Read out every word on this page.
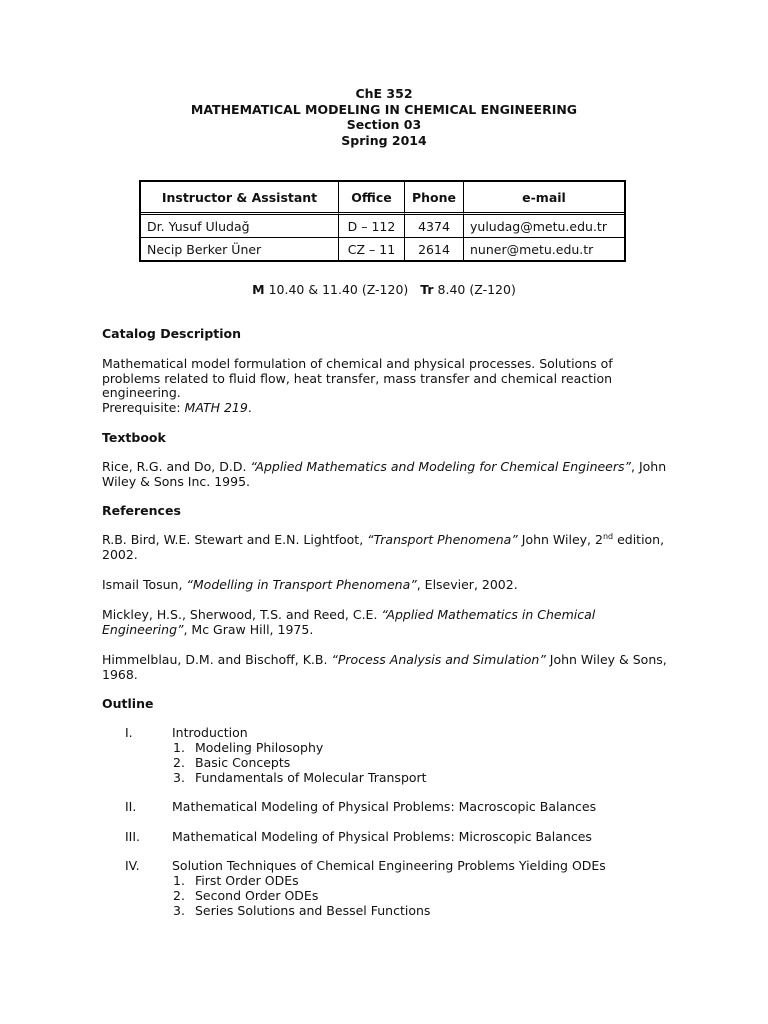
ChE 352
MATHEMATICAL MODELING IN CHEMICAL ENGINEERING
Section 03
Spring 2014
Instructor & Assistant	Office	Phone	e-mail
Dr. Yusuf Uludağ	D – 112	4374	yuludag@metu.edu.tr
Necip Berker Üner	CZ – 11	2614	nuner@metu.edu.tr
M 10.40 & 11.40 (Z-120) Tr 8.40 (Z-120)
Catalog Description
Mathematical model formulation of chemical and physical processes. Solutions of problems related to fluid flow, heat transfer, mass transfer and chemical reaction engineering.
Prerequisite: MATH 219.
Textbook
Rice, R.G. and Do, D.D. “Applied Mathematics and Modeling for Chemical Engineers”, John Wiley & Sons Inc. 1995.
References
R.B. Bird, W.E. Stewart and E.N. Lightfoot, “Transport Phenomena” John Wiley, 2nd edition, 2002.
Ismail Tosun, “Modelling in Transport Phenomena”, Elsevier, 2002.
Mickley, H.S., Sherwood, T.S. and Reed, C.E. “Applied Mathematics in Chemical Engineering”, Mc Graw Hill, 1975.
Himmelblau, D.M. and Bischoff, K.B. “Process Analysis and Simulation” John Wiley & Sons, 1968.
Outline
I.	Introduction
1. Modeling Philosophy
2. Basic Concepts
3. Fundamentals of Molecular Transport
II.	Mathematical Modeling of Physical Problems: Macroscopic Balances
III.	Mathematical Modeling of Physical Problems: Microscopic Balances
IV.	Solution Techniques of Chemical Engineering Problems Yielding ODEs
1. First Order ODEs
2. Second Order ODEs
3. Series Solutions and Bessel Functions
